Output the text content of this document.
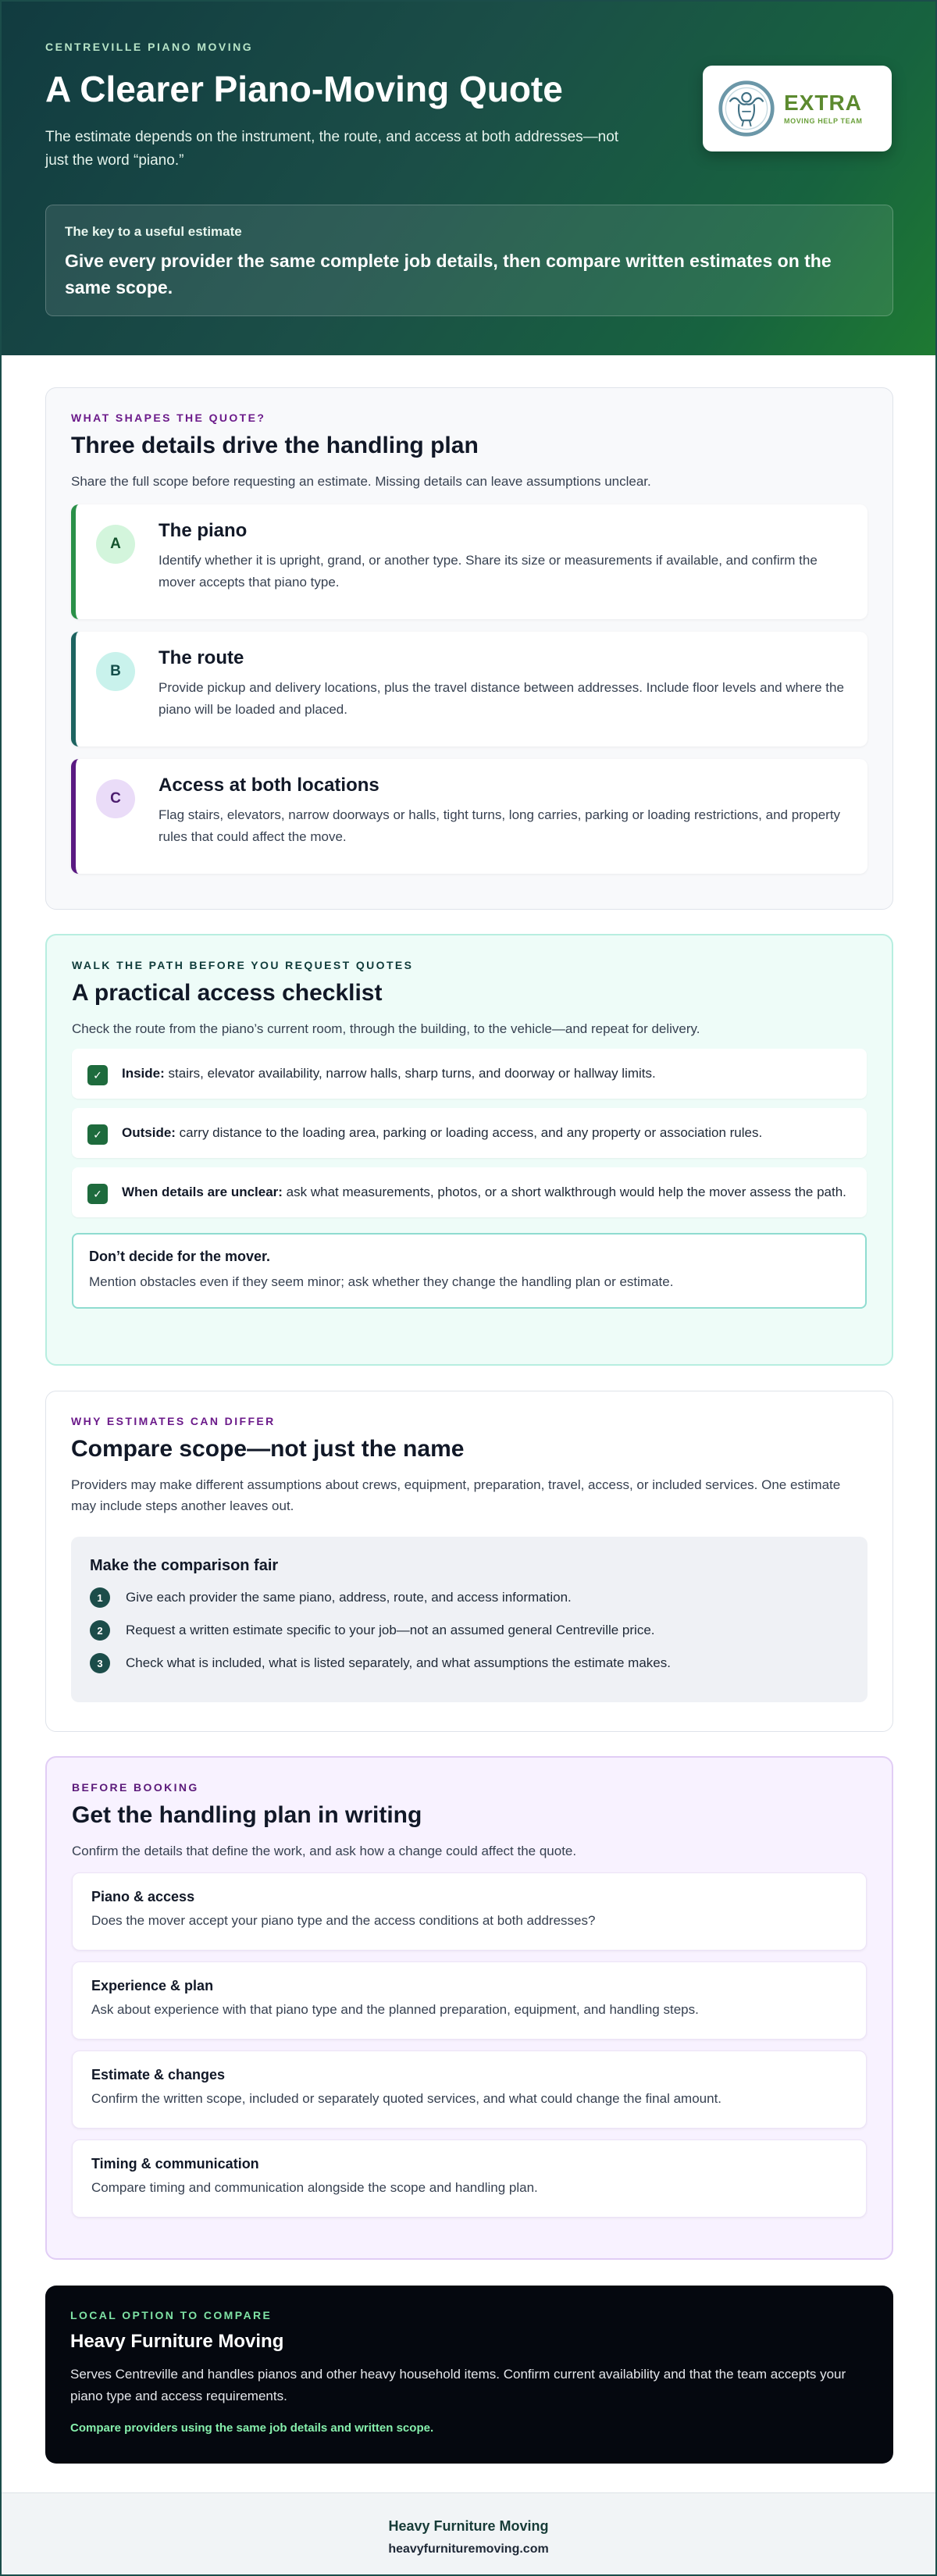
CENTREVILLE PIANO MOVING
A Clearer Piano-Moving Quote

The estimate depends on the instrument, the route, and access at both addresses—not just the word “piano.”

EXTRA
MOVING HELP TEAM
The key to a useful estimate
Give every provider the same complete job details, then compare written estimates on the same scope.
WHAT SHAPES THE QUOTE?
Three details drive the handling plan

Share the full scope before requesting an estimate. Missing details can leave assumptions unclear.

A
The piano
Identify whether it is upright, grand, or another type. Share its size or measurements if available, and confirm the mover accepts that piano type.
B
The route
Provide pickup and delivery locations, plus the travel distance between addresses. Include floor levels and where the piano will be loaded and placed.
C
Access at both locations
Flag stairs, elevators, narrow doorways or halls, tight turns, long carries, parking or loading restrictions, and property rules that could affect the move.
WALK THE PATH BEFORE YOU REQUEST QUOTES
A practical access checklist

Check the route from the piano’s current room, through the building, to the vehicle—and repeat for delivery.

✓	Inside: stairs, elevator availability, narrow halls, sharp turns, and doorway or hallway limits.
✓	Outside: carry distance to the loading area, parking or loading access, and any property or association rules.
✓	When details are unclear: ask what measurements, photos, or a short walkthrough would help the mover assess the path.
Don’t decide for the mover.
Mention obstacles even if they seem minor; ask whether they change the handling plan or estimate.
WHY ESTIMATES CAN DIFFER
Compare scope—not just the name

Providers may make different assumptions about crews, equipment, preparation, travel, access, or included services. One estimate may include steps another leaves out.

Make the comparison fair
1	Give each provider the same piano, address, route, and access information.
2	Request a written estimate specific to your job—not an assumed general Centreville price.
3	Check what is included, what is listed separately, and what assumptions the estimate makes.
BEFORE BOOKING
Get the handling plan in writing

Confirm the details that define the work, and ask how a change could affect the quote.

Piano & access
Does the mover accept your piano type and the access conditions at both addresses?
Experience & plan
Ask about experience with that piano type and the planned preparation, equipment, and handling steps.
Estimate & changes
Confirm the written scope, included or separately quoted services, and what could change the final amount.
Timing & communication
Compare timing and communication alongside the scope and handling plan.
LOCAL OPTION TO COMPARE
Heavy Furniture Moving

Serves Centreville and handles pianos and other heavy household items. Confirm current availability and that the team accepts your piano type and access requirements.

Compare providers using the same job details and written scope.

Heavy Furniture Moving
heavyfurnituremoving.com
